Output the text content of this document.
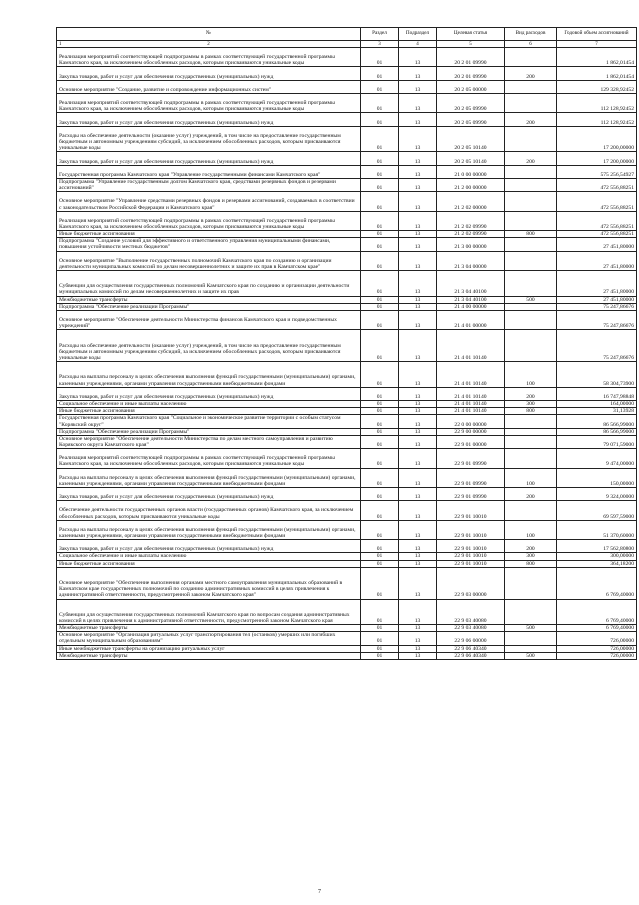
№	Раздел	Подраздел	Целевая статья	Вид расходов	Годовой объем ассигнований

1 2	3	4	5	6	7
Реализация мероприятий соответствующей подпрограммы в рамках соответствующей государственной программы Камчатского края, за исключением обособленных расходов, которым присваиваются уникальные коды	01	13	20 2 01 09990		1 862,01454
Закупка товаров, работ и услуг для обеспечения государственных (муниципальных) нужд	01	13	20 2 01 09990	200	1 862,01454
Основное мероприятие "Создание, развитие и сопровождение информационных систем"	01	13	20 2 05 00000		129 328,92452
Реализация мероприятий соответствующей подпрограммы в рамках соответствующей государственной программы Камчатского края, за исключением обособленных расходов, которым присваиваются уникальные коды	01	13	20 2 05 09990		112 128,92452
Закупка товаров, работ и услуг для обеспечения государственных (муниципальных) нужд	01	13	20 2 05 09990	200	112 128,92452
Расходы на обеспечение деятельности (оказание услуг) учреждений, в том числе на предоставление государственным бюджетным и автономным учреждениям субсидий, за исключением обособленных расходов, которым присваиваются уникальные коды	01	13	20 2 05 10140		17 200,00000
Закупка товаров, работ и услуг для обеспечения государственных (муниципальных) нужд	01	13	20 2 05 10140	200	17 200,00000
Государственная программа Камчатского края "Управление государственными финансами Камчатского края"	01	13	21 0 00 00000		575 256,54927
Подпрограмма "Управление государственным долгом Камчатского края, средствами резервных фондов и резервами ассигнований"	01	13	21 2 00 00000		472 556,88251
Основное мероприятие "Управление средствами резервных фондов и резервами ассигнований, создаваемых в соответствии с законодательством Российской Федерации и Камчатского края"	01	13	21 2 02 00000		472 556,88251
Реализация мероприятий соответствующей подпрограммы в рамках соответствующей государственной программы Камчатского края, за исключением обособленных расходов, которым присваиваются уникальные коды	01	13	21 2 02 09990		472 556,88251
Иные бюджетные ассигнования	01	13	21 2 02 09990	800	472 556,88251
Подпрограмма "Создание условий для эффективного и ответственного управления муниципальными финансами, повышения устойчивости местных бюджетов"	01	13	21 3 00 00000		27 451,80000
Основное мероприятие "Выполнение государственных полномочий Камчатского края по созданию и организации деятельности муниципальных комиссий по делам несовершеннолетних и защите их прав в Камчатском крае"	01	13	21 3 04 00000		27 451,80000
Субвенции для осуществления государственных полномочий Камчатского края по созданию и организации деятельности муниципальных комиссий по делам несовершеннолетних и защите их прав	01	13	21 3 04 40100		27 451,80000
Межбюджетные трансферты	01	13	21 3 04 40100	500	27 451,80000
Подпрограмма "Обеспечение реализации Программы"	01	13	21 4 00 00000		75 247,86676
Основное мероприятие "Обеспечение деятельности Министерства финансов Камчатского края и подведомственных учреждений"	01	13	21 4 01 00000		75 247,86676
Расходы на обеспечение деятельности (оказание услуг) учреждений, в том числе на предоставление государственным бюджетным и автономным учреждениям субсидий, за исключением обособленных расходов, которым присваиваются уникальные коды	01	13	21 4 01 10140		75 247,86676
Расходы на выплаты персоналу в целях обеспечения выполнения функций государственными (муниципальными) органами, казенными учреждениями, органами управления государственными внебюджетными фондами	01	13	21 4 01 10140	100	58 304,73900
Закупка товаров, работ и услуг для обеспечения государственных (муниципальных) нужд	01	13	21 4 01 10140	200	16 747,98848
Социальное обеспечение и иные выплаты населению	01	13	21 4 01 10140	300	164,00000
Иные бюджетные ассигнования	01	13	21 4 01 10140	800	31,13928
Государственная программа Камчатского края "Социальное и экономическое развитие территории с особым статусом "Корякский округ"	01	13	22 0 00 00000		86 566,99000
Подпрограмма "Обеспечение реализации Программы"	01	13	22 9 00 00000		86 566,99000
Основное мероприятие "Обеспечение деятельности Министерства по делам местного самоуправления и развитию Корякского округа Камчатского края"	01	13	22 9 01 00000		79 071,59000
Реализация мероприятий соответствующей подпрограммы в рамках соответствующей государственной программы Камчатского края, за исключением обособленных расходов, которым присваиваются уникальные коды	01	13	22 9 01 09990		9 474,00000
Расходы на выплаты персоналу в целях обеспечения выполнения функций государственными (муниципальными) органами, казенными учреждениями, органами управления государственными внебюджетными фондами	01	13	22 9 01 09990	100	150,00000
Закупка товаров, работ и услуг для обеспечения государственных (муниципальных) нужд	01	13	22 9 01 09990	200	9 324,00000
Обеспечение деятельности государственных органов власти (государственных органов) Камчатского края, за исключением обособленных расходов, которым присваиваются уникальные коды	01	13	22 9 01 10010		69 597,59000
Расходы на выплаты персоналу в целях обеспечения выполнения функций государственными (муниципальными) органами, казенными учреждениями, органами управления государственными внебюджетными фондами	01	13	22 9 01 10010	100	51 370,60000
Закупка товаров, работ и услуг для обеспечения государственных (муниципальных) нужд	01	13	22 9 01 10010	200	17 562,80800
Социальное обеспечение и иные выплаты населению	01	13	22 9 01 10010	300	300,00000
Иные бюджетные ассигнования	01	13	22 9 01 10010	800	364,18200
Основное мероприятие "Обеспечение выполнения органами местного самоуправления муниципальных образований в Камчатском крае государственных полномочий по созданию административных комиссий в целях привлечения к административной ответственности, предусмотренной законом Камчатского края"	01	13	22 9 03 00000		6 769,40000
Субвенции для осуществления государственных полномочий Камчатского края по вопросам создания административных комиссий в целях привлечения к административной ответственности, предусмотренной законом Камчатского края	01	13	22 9 03 40080		6 769,40000
Межбюджетные трансферты	01	13	22 9 03 40080	500	6 769,40000
Основное мероприятие "Организация ритуальных услуг транспортирования тел (останков) умерших или погибших отдельным муниципальным образованиям"	01	13	22 9 06 00000		726,00000
Иные межбюджетные трансферты на организацию ритуальных услуг	01	13	22 9 06 40340		726,00000
Межбюджетные трансферты	01	13	22 9 06 40340	500	726,00000
7
